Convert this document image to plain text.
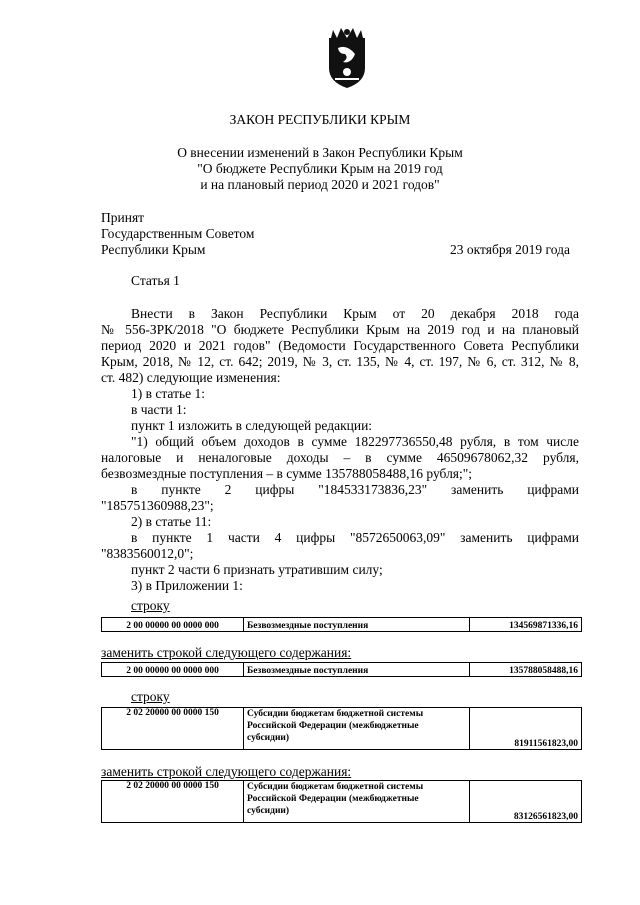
ЗАКОН РЕСПУБЛИКИ КРЫМ
О внесении изменений в Закон Республики Крым
"О бюджете Республики Крым на 2019 год
и на плановый период 2020 и 2021 годов"
Принят
Государственным Советом
Республики Крым	23 октября 2019 года
Статья 1
Внести в Закон Республики Крым от 20 декабря 2018 года
№ 556-ЗРК/2018 "О бюджете Республики Крым на 2019 год и на плановый
период 2020 и 2021 годов" (Ведомости Государственного Совета Республики
Крым, 2018, № 12, ст. 642; 2019, № 3, ст. 135, № 4, ст. 197, № 6, ст. 312, № 8,
ст. 482) следующие изменения:
1) в статье 1:
в части 1:
пункт 1 изложить в следующей редакции:
"1) общий объем доходов в сумме 182297736550,48 рубля, в том числе
налоговые и неналоговые доходы – в сумме 46509678062,32 рубля,
безвозмездные поступления – в сумме 135788058488,16 рубля;";
в пункте 2 цифры "184533173836,23" заменить цифрами
"185751360988,23";
2) в статье 11:
в пункте 1 части 4 цифры "8572650063,09" заменить цифрами
"8383560012,0";
пункт 2 части 6 признать утратившим силу;
3) в Приложении 1:
строку
2 00 00000 00 0000 000	Безвозмездные поступления	134569871336,16
заменить строкой следующего содержания:
2 00 00000 00 0000 000	Безвозмездные поступления	135788058488,16
строку
2 02 20000 00 0000 150	Субсидии бюджетам бюджетной системы
Российской Федерации (межбюджетные
субсидии)
	81911561823,00
заменить строкой следующего содержания:
2 02 20000 00 0000 150	Субсидии бюджетам бюджетной системы
Российской Федерации (межбюджетные
субсидии)
	83126561823,00
